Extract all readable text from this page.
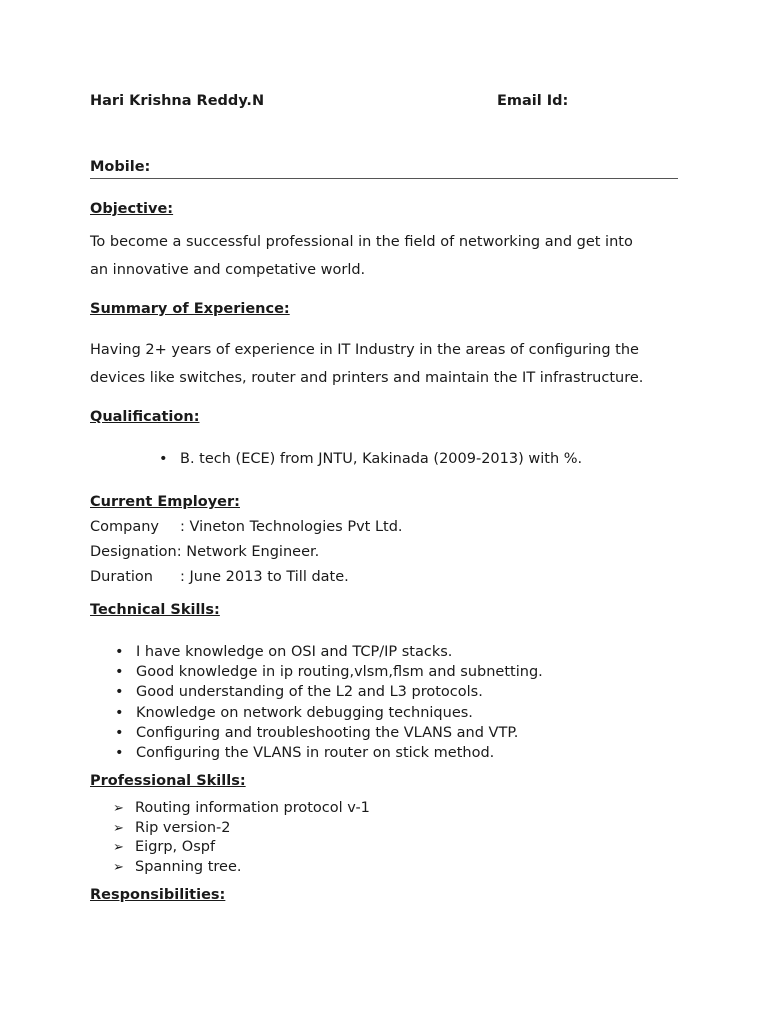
Hari Krishna Reddy.N	Email Id:
Mobile:
Objective:
To become a successful professional in the field of networking and get into
an innovative and competative world.
Summary of Experience:
Having 2+ years of experience in IT Industry in the areas of configuring the
devices like switches, router and printers and maintain the IT infrastructure.
Qualification:
• B. tech (ECE) from JNTU, Kakinada (2009-2013) with %.
Current Employer:
Company : Vineton Technologies Pvt Ltd.
Designation: Network Engineer.
Duration : June 2013 to Till date.
Technical Skills:
• I have knowledge on OSI and TCP/IP stacks.
• Good knowledge in ip routing,vlsm,flsm and subnetting.
• Good understanding of the L2 and L3 protocols.
• Knowledge on network debugging techniques.
• Configuring and troubleshooting the VLANS and VTP.
• Configuring the VLANS in router on stick method.
Professional Skills:
➢ Routing information protocol v-1
➢ Rip version-2
➢ Eigrp, Ospf
➢ Spanning tree.
Responsibilities:
